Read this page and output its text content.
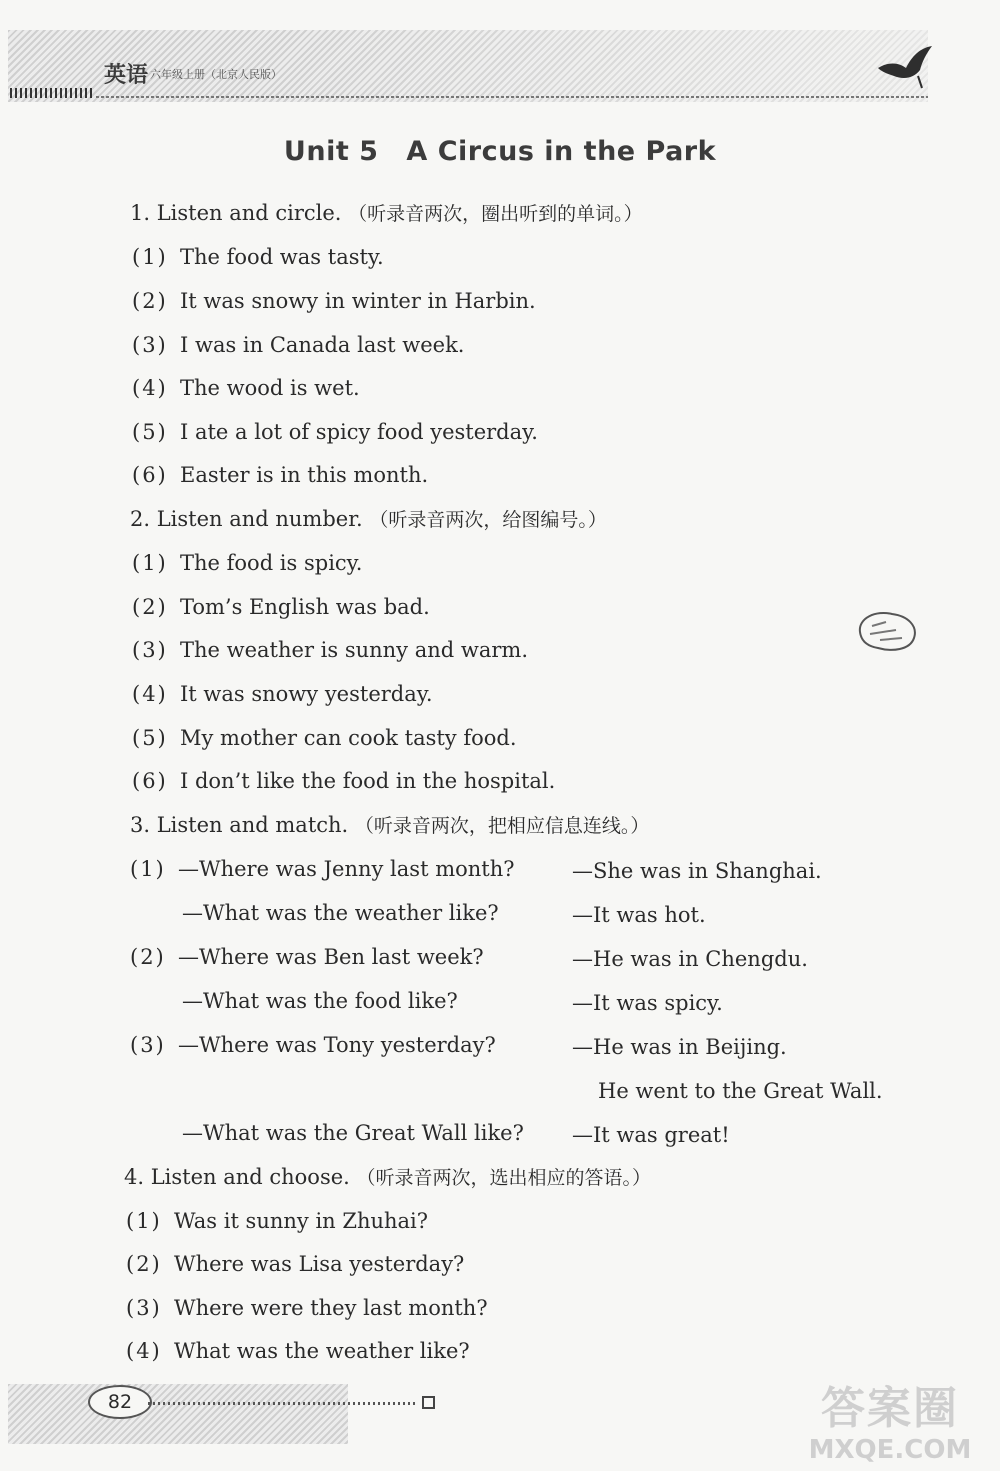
英语 六年级上册（北京人民版）
Unit 5 A Circus in the Park
1. Listen and circle. （听录音两次，圈出听到的单词。）
(1) The food was tasty.
(2) It was snowy in winter in Harbin.
(3) I was in Canada last week.
(4) The wood is wet.
(5) I ate a lot of spicy food yesterday.
(6) Easter is in this month.
2. Listen and number. （听录音两次，给图编号。）
(1) The food is spicy.
(2) Tom’s English was bad.
(3) The weather is sunny and warm.
(4) It was snowy yesterday.
(5) My mother can cook tasty food.
(6) I don’t like the food in the hospital.
3. Listen and match. （听录音两次，把相应信息连线。）
(1) —Where was Jenny last month?	—She was in Shanghai.
—What was the weather like?	—It was hot.
(2) —Where was Ben last week?	—He was in Chengdu.
—What was the food like?	—It was spicy.
(3) —Where was Tony yesterday?	—He was in Beijing.
He went to the Great Wall.
—What was the Great Wall like? —It was great!
4. Listen and choose. （听录音两次，选出相应的答语。）
(1) Was it sunny in Zhuhai?
(2) Where was Lisa yesterday?
(3) Where were they last month?
(4) What was the weather like?
82	答案圈
MXQE.COM
